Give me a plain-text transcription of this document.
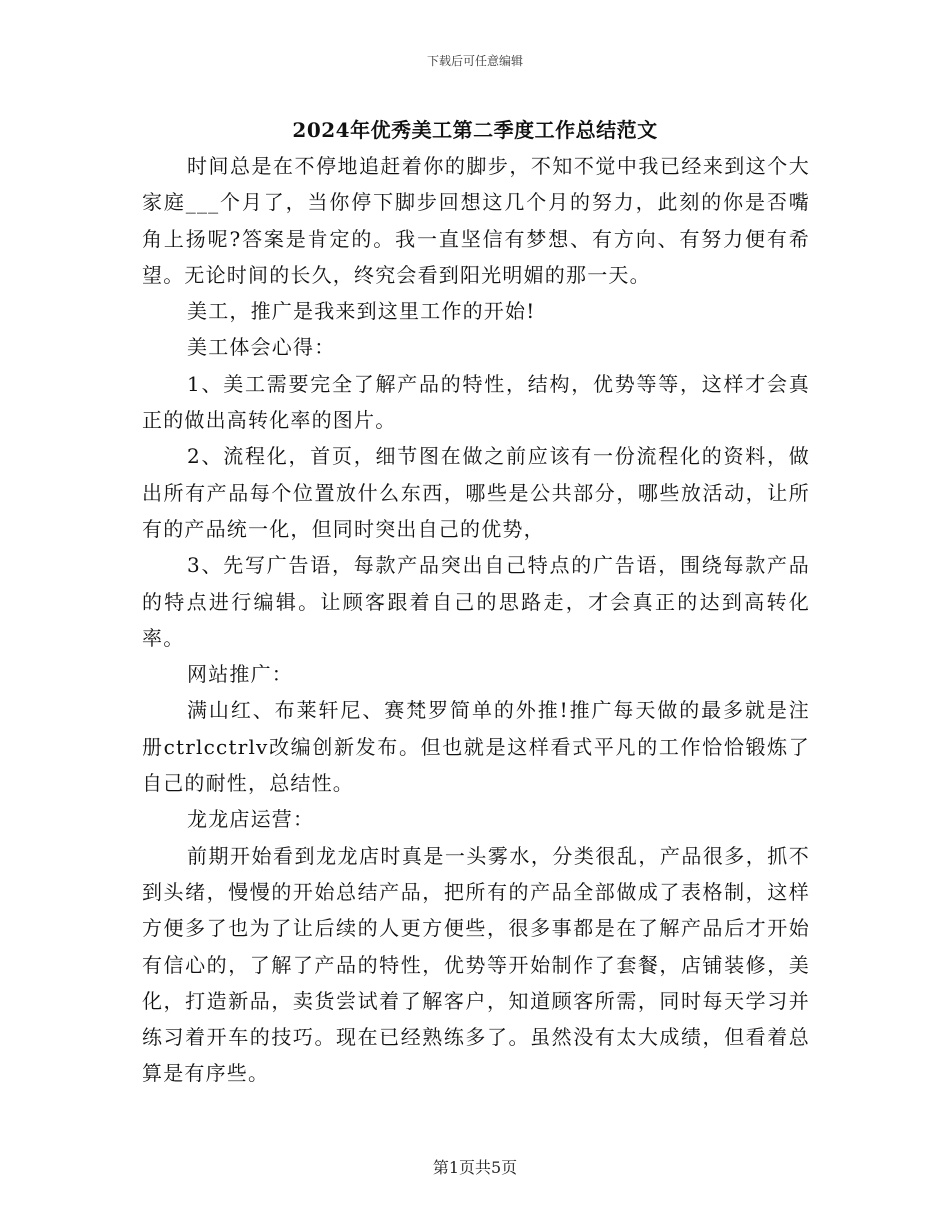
下载后可任意编辑
2024年优秀美工第二季度工作总结范文

时间总是在不停地追赶着你的脚步，不知不觉中我已经来到这个大家庭___个月了，当你停下脚步回想这几个月的努力，此刻的你是否嘴角上扬呢?答案是肯定的。我一直坚信有梦想、有方向、有努力便有希望。无论时间的长久，终究会看到阳光明媚的那一天。

美工，推广是我来到这里工作的开始!

美工体会心得：

1、美工需要完全了解产品的特性，结构，优势等等，这样才会真正的做出高转化率的图片。

2、流程化，首页，细节图在做之前应该有一份流程化的资料，做出所有产品每个位置放什么东西，哪些是公共部分，哪些放活动，让所有的产品统一化，但同时突出自己的优势，

3、先写广告语，每款产品突出自己特点的广告语，围绕每款产品的特点进行编辑。让顾客跟着自己的思路走，才会真正的达到高转化率。

网站推广：

满山红、布莱轩尼、赛梵罗简单的外推!推广每天做的最多就是注册ctrlcctrlv改编创新发布。但也就是这样看式平凡的工作恰恰锻炼了自己的耐性，总结性。

龙龙店运营：

前期开始看到龙龙店时真是一头雾水，分类很乱，产品很多，抓不到头绪，慢慢的开始总结产品，把所有的产品全部做成了表格制，这样方便多了也为了让后续的人更方便些，很多事都是在了解产品后才开始有信心的，了解了产品的特性，优势等开始制作了套餐，店铺装修，美化，打造新品，卖货尝试着了解客户，知道顾客所需，同时每天学习并练习着开车的技巧。现在已经熟练多了。虽然没有太大成绩，但看着总算是有序些。

第1页共5页
